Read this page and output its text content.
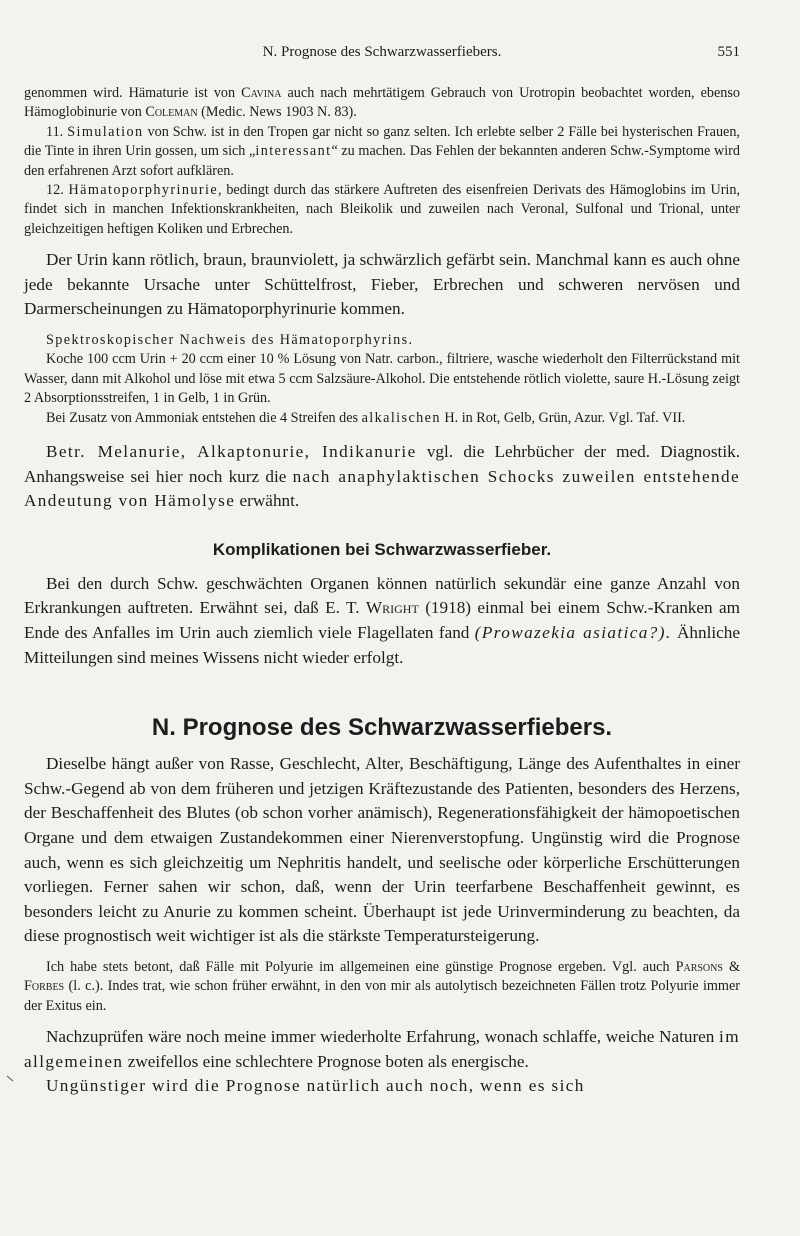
N. Prognose des Schwarzwasserfiebers.	551

genommen wird. Hämaturie ist von Cavina auch nach mehrtätigem Gebrauch von Urotropin beobachtet worden, ebenso Hämoglobinurie von Coleman (Medic. News 1903 N. 83).

11. Simulation von Schw. ist in den Tropen gar nicht so ganz selten. Ich erlebte selber 2 Fälle bei hysterischen Frauen, die Tinte in ihren Urin gossen, um sich „interessant“ zu machen. Das Fehlen der bekannten anderen Schw.-Symptome wird den erfahrenen Arzt sofort aufklären.

12. Hämatoporphyrinurie, bedingt durch das stärkere Auftreten des eisenfreien Derivats des Hämoglobins im Urin, findet sich in manchen Infektionskrankheiten, nach Bleikolik und zuweilen nach Veronal, Sulfonal und Trional, unter gleichzeitigen heftigen Koliken und Erbrechen.

Der Urin kann rötlich, braun, braunviolett, ja schwärzlich gefärbt sein. Manchmal kann es auch ohne jede bekannte Ursache unter Schüttelfrost, Fieber, Erbrechen und schweren nervösen und Darmerscheinungen zu Hämatoporphyrinurie kommen.

Spektroskopischer Nachweis des Hämatoporphyrins.

Koche 100 ccm Urin + 20 ccm einer 10 % Lösung von Natr. carbon., filtriere, wasche wiederholt den Filterrückstand mit Wasser, dann mit Alkohol und löse mit etwa 5 ccm Salzsäure-Alkohol. Die entstehende rötlich violette, saure H.-Lösung zeigt 2 Absorptionsstreifen, 1 in Gelb, 1 in Grün.

Bei Zusatz von Ammoniak entstehen die 4 Streifen des alkalischen H. in Rot, Gelb, Grün, Azur. Vgl. Taf. VII.

Betr. Melanurie, Alkaptonurie, Indikanurie vgl. die Lehrbücher der med. Diagnostik. Anhangsweise sei hier noch kurz die nach anaphylaktischen Schocks zuweilen entstehende Andeutung von Hämolyse erwähnt.

Komplikationen bei Schwarzwasserfieber.

Bei den durch Schw. geschwächten Organen können natürlich sekundär eine ganze Anzahl von Erkrankungen auftreten. Erwähnt sei, daß E. T. Wright (1918) einmal bei einem Schw.-Kranken am Ende des Anfalles im Urin auch ziemlich viele Flagellaten fand (Prowazekia asiatica?). Ähnliche Mitteilungen sind meines Wissens nicht wieder erfolgt.

N. Prognose des Schwarzwasserfiebers.

Dieselbe hängt außer von Rasse, Geschlecht, Alter, Beschäftigung, Länge des Aufenthaltes in einer Schw.-Gegend ab von dem früheren und jetzigen Kräftezustande des Patienten, besonders des Herzens, der Beschaffenheit des Blutes (ob schon vorher anämisch), Regenerationsfähigkeit der hämopoetischen Organe und dem etwaigen Zustandekommen einer Nierenverstopfung. Ungünstig wird die Prognose auch, wenn es sich gleichzeitig um Nephritis handelt, und seelische oder körperliche Erschütterungen vorliegen. Ferner sahen wir schon, daß, wenn der Urin teerfarbene Beschaffenheit gewinnt, es besonders leicht zu Anurie zu kommen scheint. Überhaupt ist jede Urinverminderung zu beachten, da diese prognostisch weit wichtiger ist als die stärkste Temperatursteigerung.

Ich habe stets betont, daß Fälle mit Polyurie im allgemeinen eine günstige Prognose ergeben. Vgl. auch Parsons & Forbes (l. c.). Indes trat, wie schon früher erwähnt, in den von mir als autolytisch bezeichneten Fällen trotz Polyurie immer der Exitus ein.

Nachzuprüfen wäre noch meine immer wiederholte Erfahrung, wonach schlaffe, weiche Naturen im allgemeinen zweifellos eine schlechtere Prognose boten als energische.

Ungünstiger wird die Prognose natürlich auch noch, wenn es sich
